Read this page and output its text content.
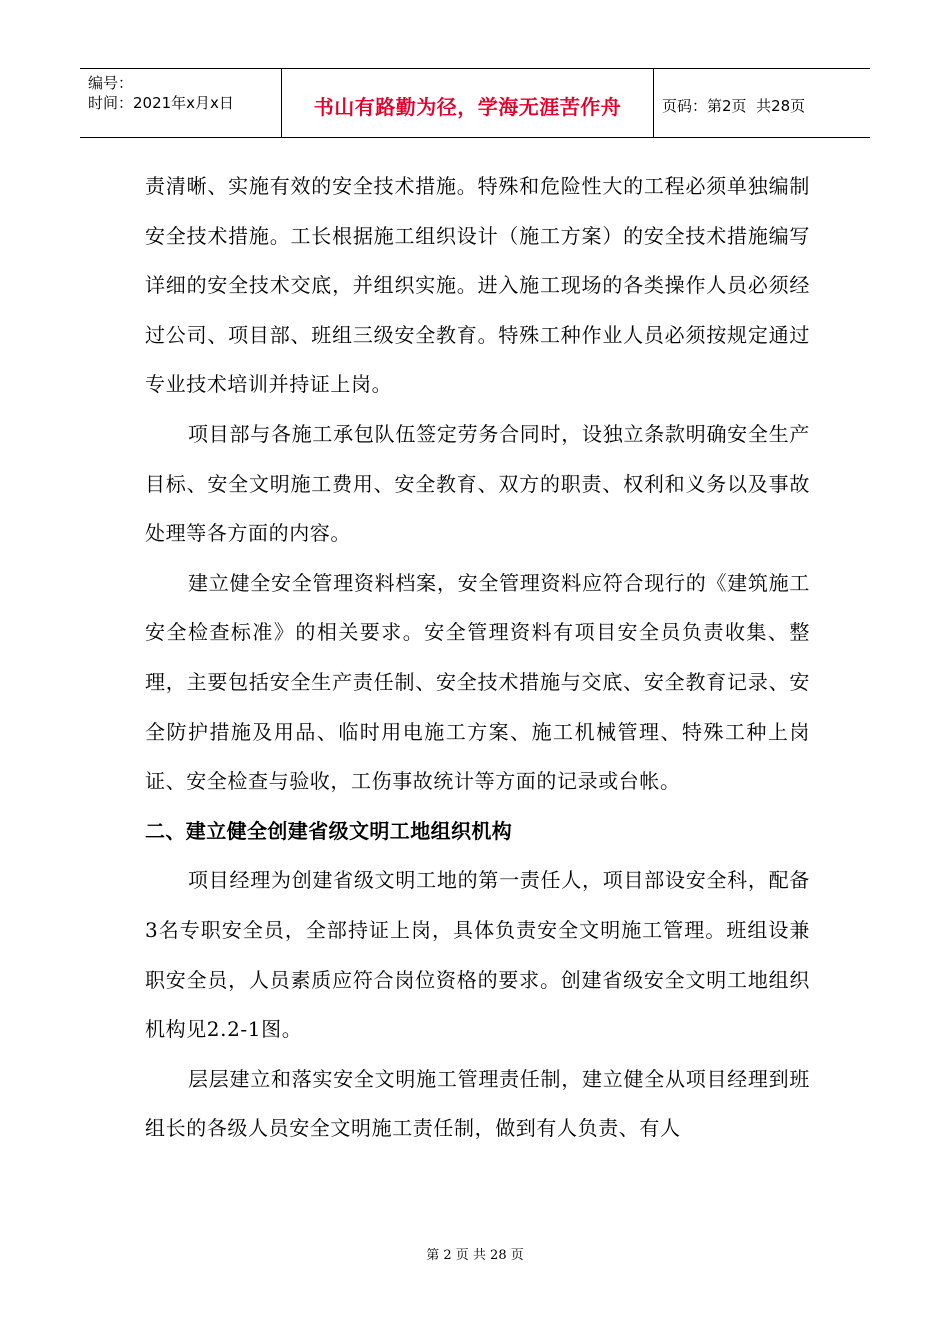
编号：
时间：2021年x月x日	书山有路勤为径，学海无涯苦作舟	页码：第2页  共28页

责清晰、实施有效的安全技术措施。特殊和危险性大的工程必须单独编制安全技术措施。工长根据施工组织设计（施工方案）的安全技术措施编写详细的安全技术交底，并组织实施。进入施工现场的各类操作人员必须经过公司、项目部、班组三级安全教育。特殊工种作业人员必须按规定通过专业技术培训并持证上岗。

项目部与各施工承包队伍签定劳务合同时，设独立条款明确安全生产目标、安全文明施工费用、安全教育、双方的职责、权利和义务以及事故处理等各方面的内容。

建立健全安全管理资料档案，安全管理资料应符合现行的《建筑施工安全检查标准》的相关要求。安全管理资料有项目安全员负责收集、整理，主要包括安全生产责任制、安全技术措施与交底、安全教育记录、安全防护措施及用品、临时用电施工方案、施工机械管理、特殊工种上岗证、安全检查与验收，工伤事故统计等方面的记录或台帐。

二、建立健全创建省级文明工地组织机构

项目经理为创建省级文明工地的第一责任人，项目部设安全科，配备3名专职安全员，全部持证上岗，具体负责安全文明施工管理。班组设兼职安全员，人员素质应符合岗位资格的要求。创建省级安全文明工地组织机构见2.2-1图。

层层建立和落实安全文明施工管理责任制，建立健全从项目经理到班组长的各级人员安全文明施工责任制，做到有人负责、有人

第 2 页 共 28 页
